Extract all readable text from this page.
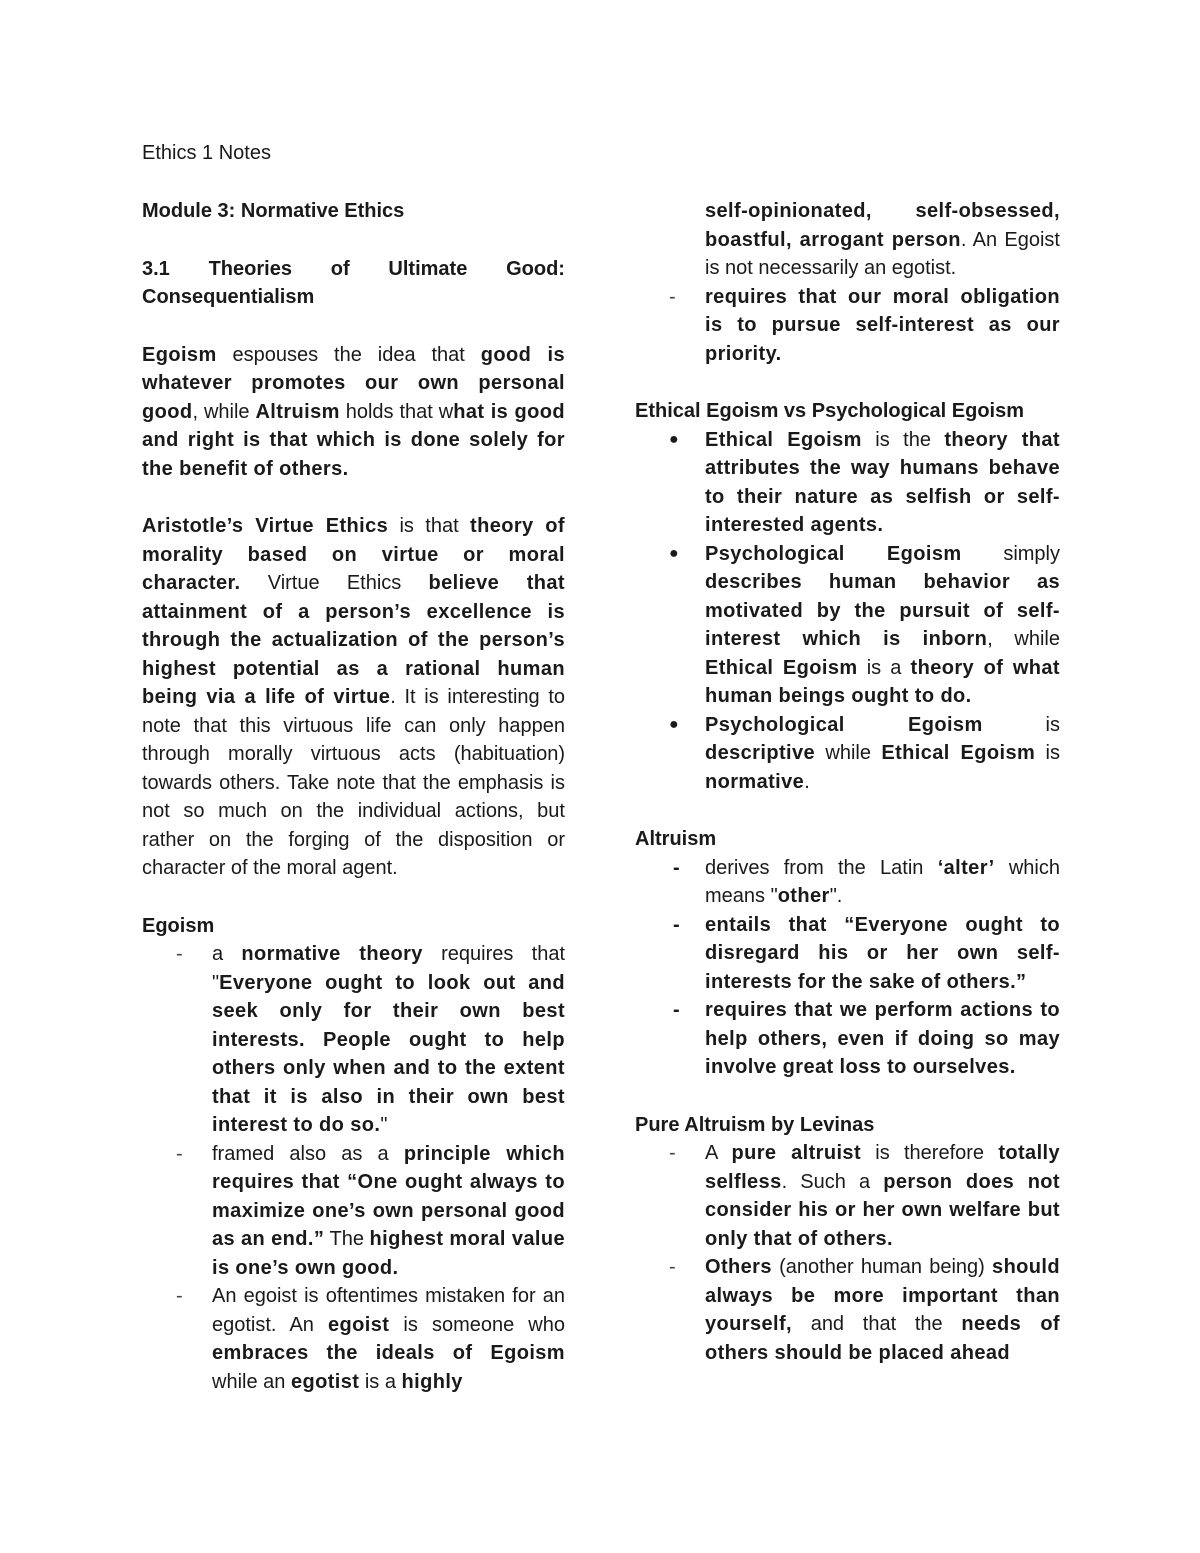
Ethics 1 Notes

Module 3: Normative Ethics

3.1 Theories of Ultimate Good:

Consequentialism

Egoism espouses the idea that good is whatever promotes our own personal good, while Altruism holds that what is good and right is that which is done solely for the benefit of others.

Aristotle’s Virtue Ethics is that theory of morality based on virtue or moral character. Virtue Ethics believe that attainment of a person’s excellence is through the actualization of the person’s highest potential as a rational human being via a life of virtue. It is interesting to note that this virtuous life can only happen through morally virtuous acts (habituation) towards others. Take note that the emphasis is not so much on the individual actions, but rather on the forging of the disposition or character of the moral agent.

Egoism

- a normative theory requires that "Everyone ought to look out and seek only for their own best interests. People ought to help others only when and to the extent that it is also in their own best interest to do so."
- framed also as a principle which requires that “One ought always to maximize one’s own personal good as an end.” The highest moral value is one’s own good.
- An egoist is oftentimes mistaken for an egotist. An egoist is someone who embraces the ideals of Egoism while an egotist is a highly

self-opinionated, self-obsessed, boastful, arrogant person. An Egoist is not necessarily an egotist.

- requires that our moral obligation is to pursue self-interest as our priority.

Ethical Egoism vs Psychological Egoism

● Ethical Egoism is the theory that attributes the way humans behave to their nature as selfish or self-interested agents.
● Psychological Egoism simply describes human behavior as motivated by the pursuit of self-interest which is inborn, while Ethical Egoism is a theory of what human beings ought to do.
● Psychological Egoism is descriptive while Ethical Egoism is normative.

Altruism

- derives from the Latin ‘alter’ which means "other".
- entails that “Everyone ought to disregard his or her own self-interests for the sake of others.”
- requires that we perform actions to help others, even if doing so may involve great loss to ourselves.

Pure Altruism by Levinas

- A pure altruist is therefore totally selfless. Such a person does not consider his or her own welfare but only that of others.
- Others (another human being) should always be more important than yourself, and that the needs of others should be placed ahead
